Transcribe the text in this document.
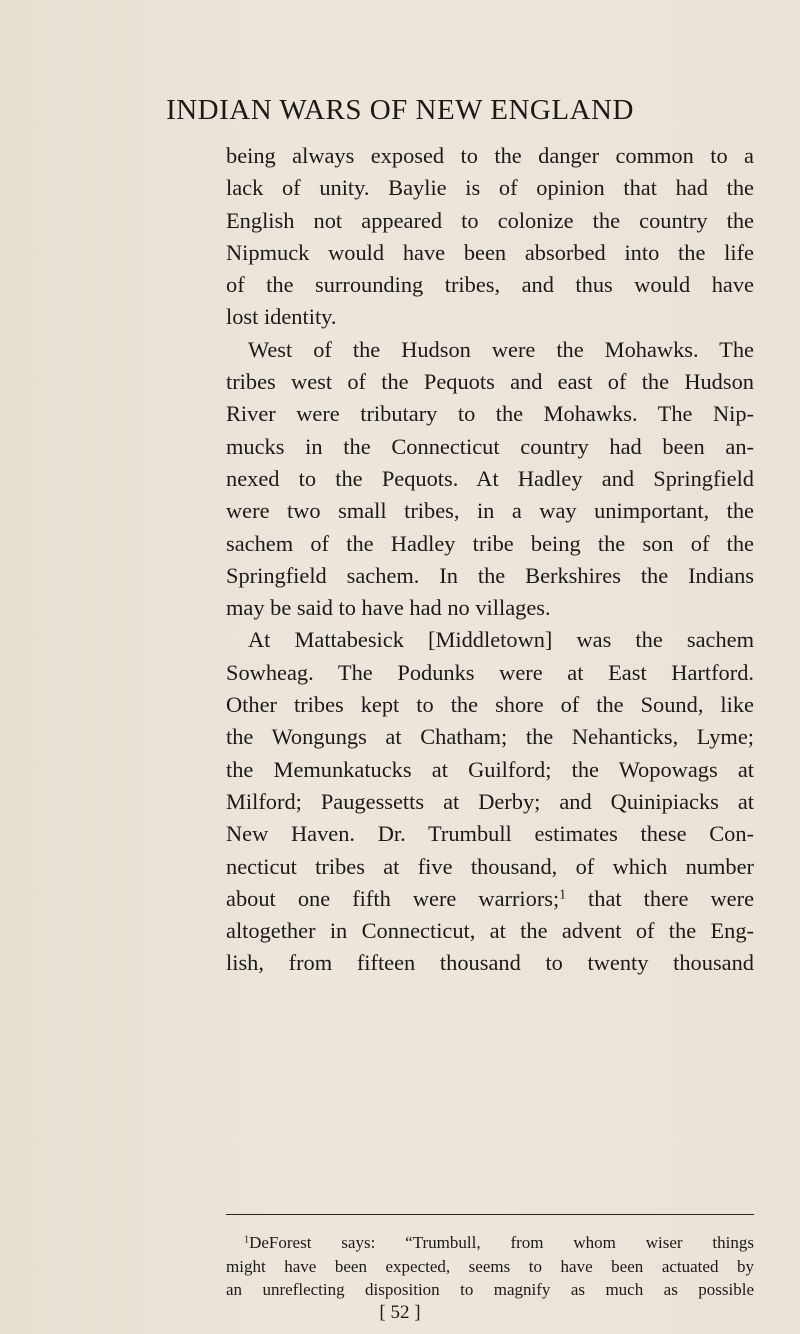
INDIAN WARS OF NEW ENGLAND
being always exposed to the danger common to a
lack of unity. Baylie is of opinion that had the
English not appeared to colonize the country the
Nipmuck would have been absorbed into the life
of the surrounding tribes, and thus would have
lost identity.
West of the Hudson were the Mohawks. The
tribes west of the Pequots and east of the Hudson
River were tributary to the Mohawks. The Nip-
mucks in the Connecticut country had been an-
nexed to the Pequots. At Hadley and Springfield
were two small tribes, in a way unimportant, the
sachem of the Hadley tribe being the son of the
Springfield sachem. In the Berkshires the Indians
may be said to have had no villages.
At Mattabesick [Middletown] was the sachem
Sowheag. The Podunks were at East Hartford.
Other tribes kept to the shore of the Sound, like
the Wongungs at Chatham; the Nehanticks, Lyme;
the Memunkatucks at Guilford; the Wopowags at
Milford; Paugessetts at Derby; and Quinipiacks at
New Haven. Dr. Trumbull estimates these Con-
necticut tribes at five thousand, of which number
about one fifth were warriors;$^1$ that there were
altogether in Connecticut, at the advent of the Eng-
lish, from fifteen thousand to twenty thousand
$^1$DeForest says: “Trumbull, from whom wiser things
might have been expected, seems to have been actuated by
an unreflecting disposition to magnify as much as possible
[ 52 ]
